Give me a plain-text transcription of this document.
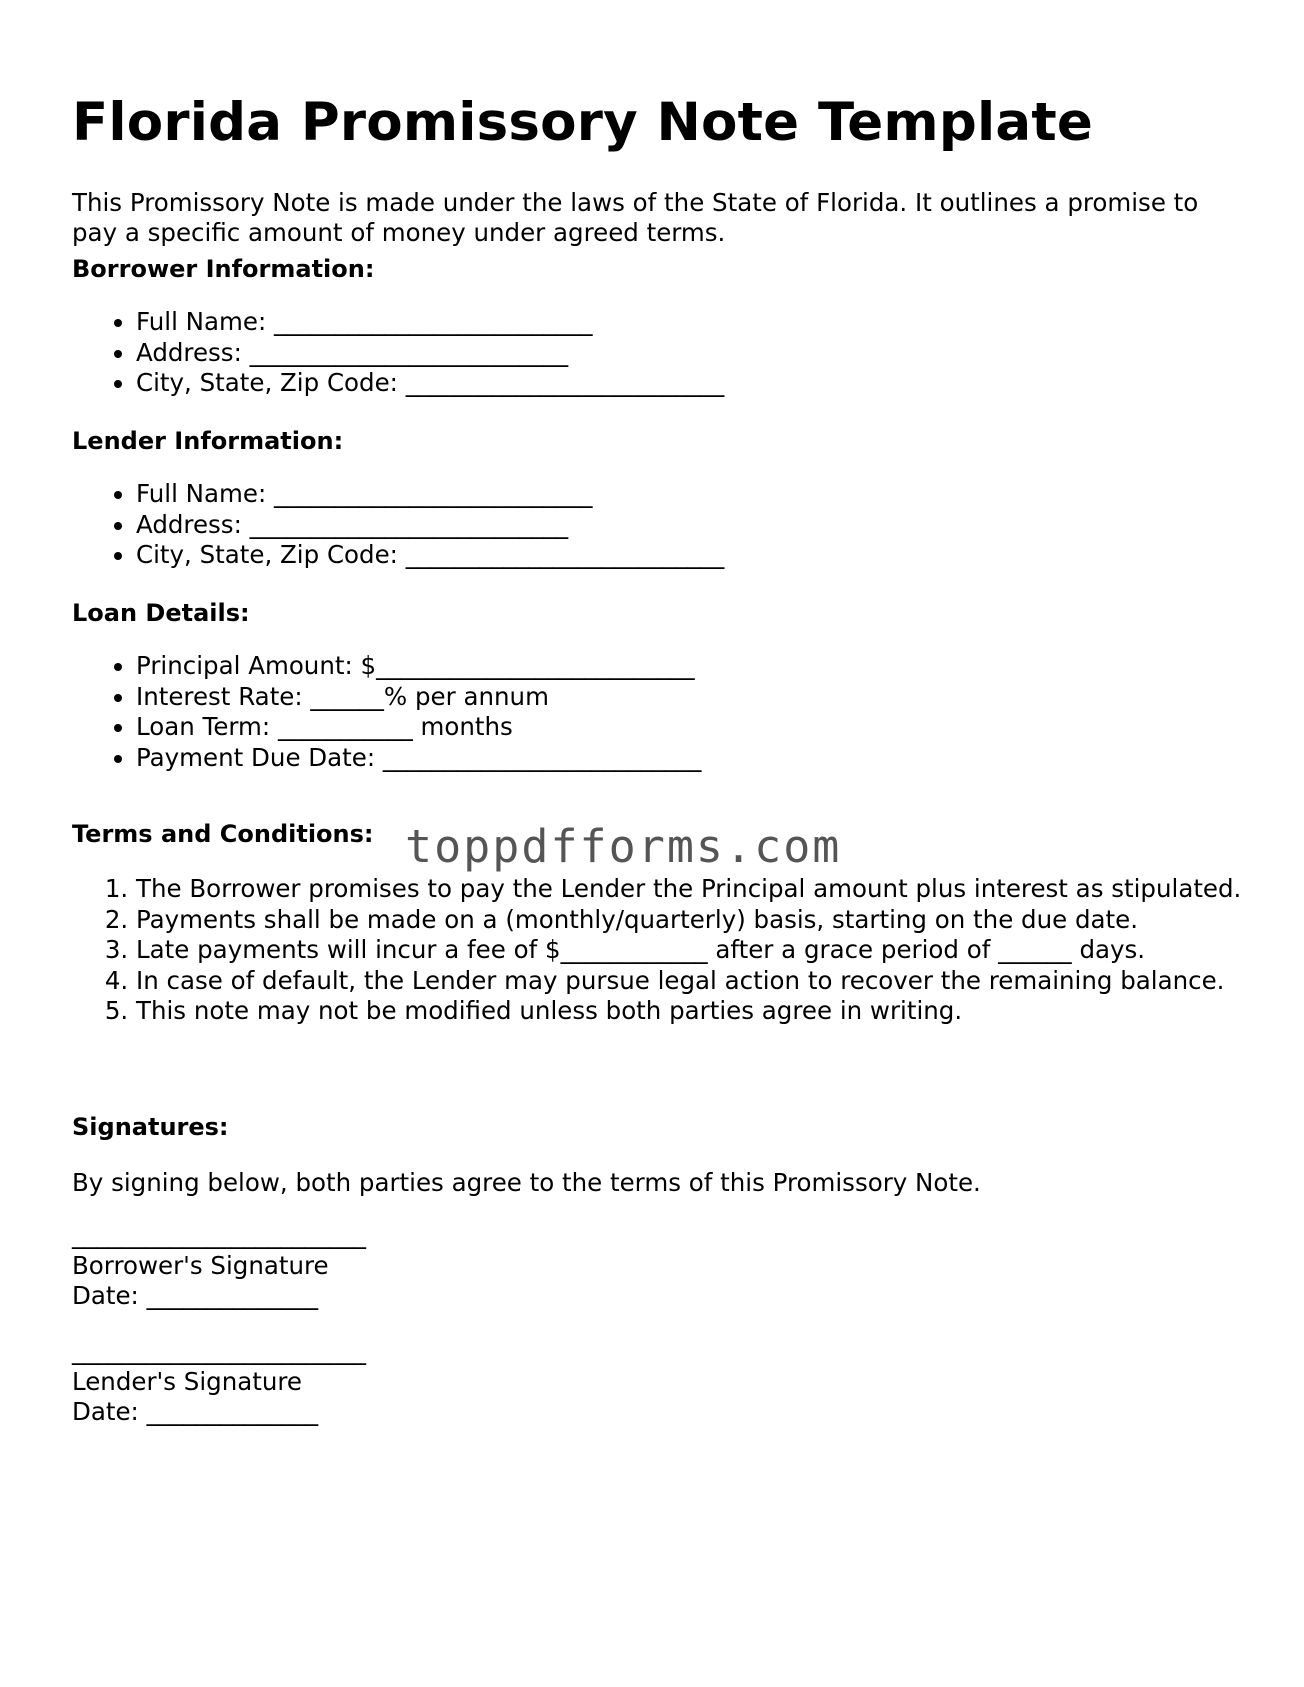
Florida Promissory Note Template

This Promissory Note is made under the laws of the State of Florida. It outlines a promise to pay a specific amount of money under agreed terms.

Borrower Information:

• Full Name: __________________________
• Address: __________________________
• City, State, Zip Code: __________________________

Lender Information:

• Full Name: __________________________
• Address: __________________________
• City, State, Zip Code: __________________________

Loan Details:

• Principal Amount: $__________________________
• Interest Rate: ______% per annum
• Loan Term: ___________ months
• Payment Due Date: __________________________

Terms and Conditions:

1. The Borrower promises to pay the Lender the Principal amount plus interest as stipulated.
2. Payments shall be made on a (monthly/quarterly) basis, starting on the due date.
3. Late payments will incur a fee of $____________ after a grace period of ______ days.
4. In case of default, the Lender may pursue legal action to recover the remaining balance.
5. This note may not be modified unless both parties agree in writing.

Signatures:

By signing below, both parties agree to the terms of this Promissory Note.

________________________
Borrower's Signature
Date: ______________
________________________
Lender's Signature
Date: ______________
toppdfforms.com
